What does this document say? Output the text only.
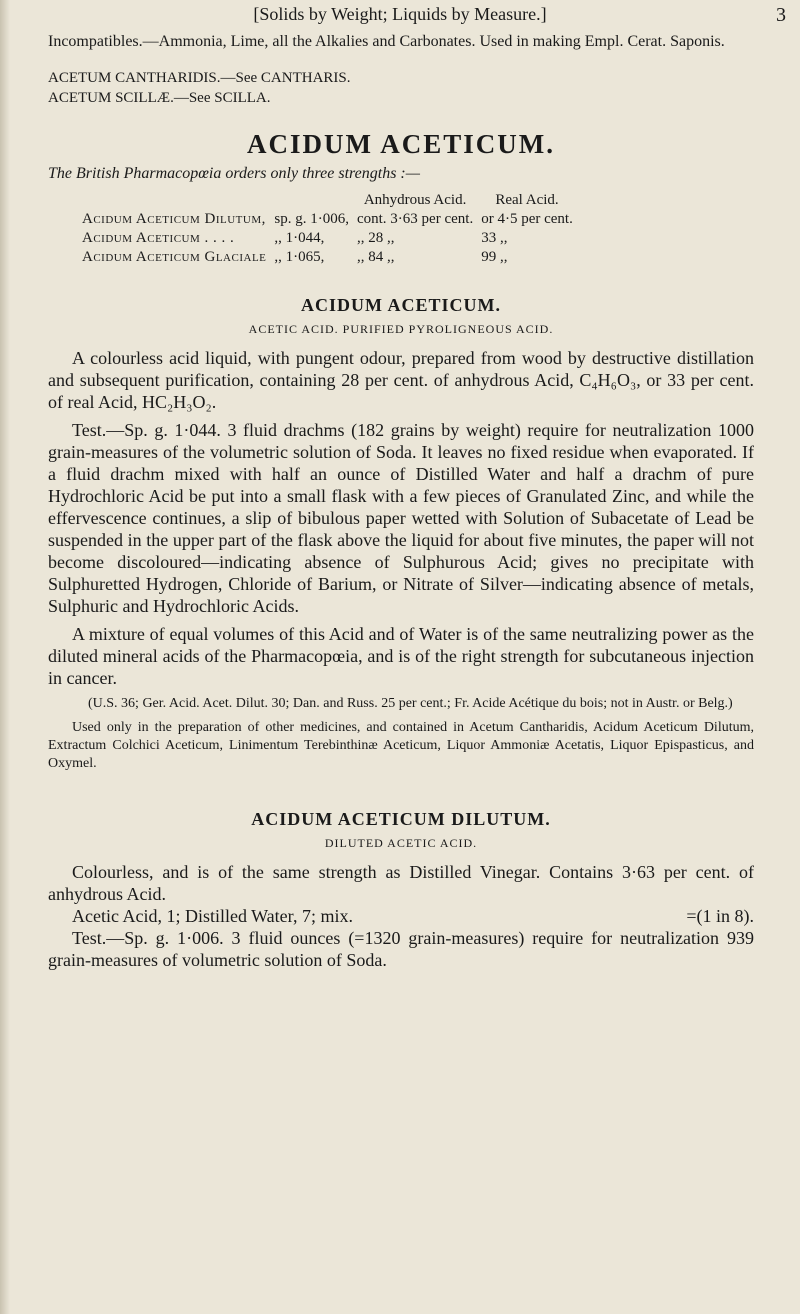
[Solids by Weight; Liquids by Measure.]	3

Incompatibles.—Ammonia, Lime, all the Alkalies and Carbonates. Used in making Empl. Cerat. Saponis.

ACETUM CANTHARIDIS.—See CANTHARIS.

ACETUM SCILLÆ.—See SCILLA.

ACIDUM ACETICUM.

The British Pharmacopœia orders only three strengths :—

		Anhydrous Acid.	Real Acid.
Acidum Aceticum Dilutum,	sp. g. 1·006,	cont. 3·63 per cent.	or 4·5 per cent.
Acidum Aceticum . . . .	,, 1·044,	,, 28 ,,	33 ,,
Acidum Aceticum Glaciale	,, 1·065,	,, 84 ,,	99 ,,
ACIDUM ACETICUM.
ACETIC ACID. PURIFIED PYROLIGNEOUS ACID.

A colourless acid liquid, with pungent odour, prepared from wood by destructive distillation and subsequent purification, containing 28 per cent. of anhydrous Acid, C₄H₆O₃, or 33 per cent. of real Acid, HC₂H₃O₂.

Test.—Sp. g. 1·044. 3 fluid drachms (182 grains by weight) require for neutralization 1000 grain-measures of the volumetric solution of Soda. It leaves no fixed residue when evaporated. If a fluid drachm mixed with half an ounce of Distilled Water and half a drachm of pure Hydrochloric Acid be put into a small flask with a few pieces of Granulated Zinc, and while the effervescence continues, a slip of bibulous paper wetted with Solution of Subacetate of Lead be suspended in the upper part of the flask above the liquid for about five minutes, the paper will not become discoloured—indicating absence of Sulphurous Acid; gives no precipitate with Sulphuretted Hydrogen, Chloride of Barium, or Nitrate of Silver—indicating absence of metals, Sulphuric and Hydrochloric Acids.

A mixture of equal volumes of this Acid and of Water is of the same neutralizing power as the diluted mineral acids of the Pharmacopœia, and is of the right strength for subcutaneous injection in cancer.

(U.S. 36; Ger. Acid. Acet. Dilut. 30; Dan. and Russ. 25 per cent.; Fr. Acide Acétique du bois; not in Austr. or Belg.)

Used only in the preparation of other medicines, and contained in Acetum Cantharidis, Acidum Aceticum Dilutum, Extractum Colchici Aceticum, Linimentum Terebinthinæ Aceticum, Liquor Ammoniæ Acetatis, Liquor Epispasticus, and Oxymel.

ACIDUM ACETICUM DILUTUM.
DILUTED ACETIC ACID.

Colourless, and is of the same strength as Distilled Vinegar. Contains 3·63 per cent. of anhydrous Acid.

Acetic Acid, 1; Distilled Water, 7; mix.	=(1 in 8).

Test.—Sp. g. 1·006. 3 fluid ounces (=1320 grain-measures) require for neutralization 939 grain-measures of volumetric solution of Soda.
